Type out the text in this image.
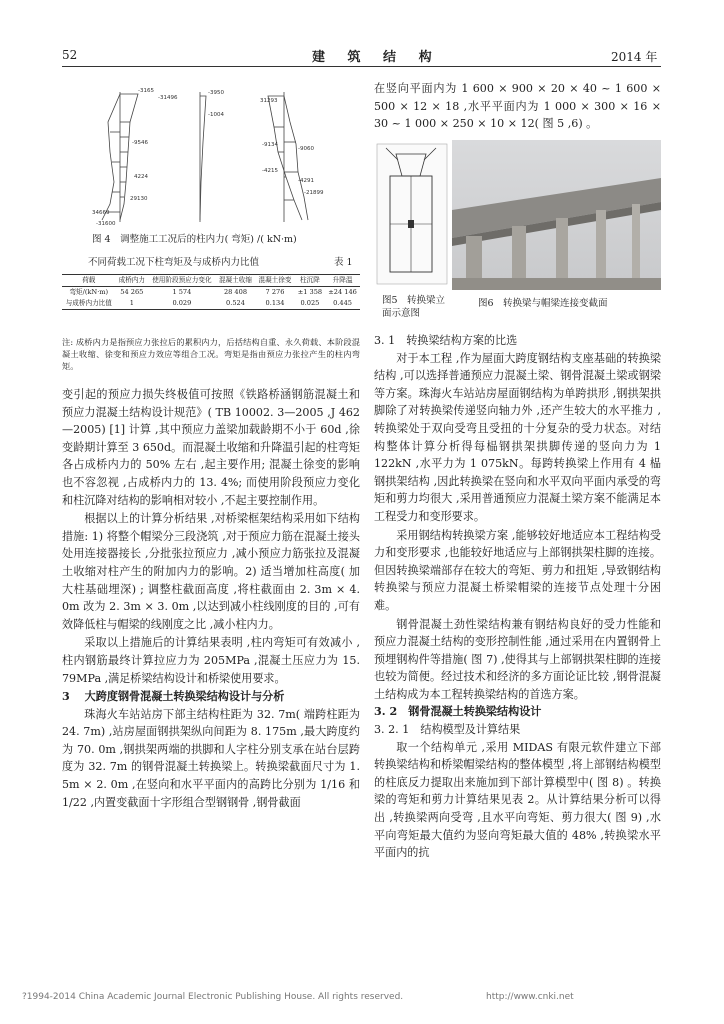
52	建 筑 结 构	2014 年
-3165
-31496
-9546
4224
29130
34669
-31600
-3950
-1004
31293
-9134
-9060
-4215
-21899
-4291
图 4　调整施工工况后的柱内力( 弯矩) /( kN·m)
不同荷载工况下柱弯矩及与成桥内力比值	表 1
荷载	成桥内力	使用阶段预应力变化	混凝土收缩	混凝土徐变	柱沉降	升降温
弯矩/(kN·m)	54 265	1 574	28 408	7 276	±1 358	±24 146
与成桥内力比值	1	0.029	0.524	0.134	0.025	0.445
注: 成桥内力是指预应力张拉后的累积内力，后括结构自重、永久荷载、本阶段混凝土收缩、徐变和预应力效应等组合工况。弯矩是指由预应力张拉产生的柱内弯矩。

变引起的预应力损失终极值可按照《铁路桥涵钢筋混凝土和预应力混凝土结构设计规范》( TB 10002. 3—2005 ,J 462—2005) [1] 计算 ,其中预应力盖梁加载龄期不小于 60d ,徐变龄期计算至 3 650d。而混凝土收缩和升降温引起的柱弯矩各占成桥内力的 50% 左右 ,起主要作用; 混凝土徐变的影响也不容忽视 ,占成桥内力的 13. 4%; 而使用阶段预应力变化和柱沉降对结构的影响相对较小 ,不起主要控制作用。

根据以上的计算分析结果 ,对桥梁框架结构采用如下结构措施: 1) 将整个帽梁分三段浇筑 ,对于预应力筋在混凝土接头处用连接器接长 ,分批张拉预应力 ,减小预应力筋张拉及混凝土收缩对柱产生的附加内力的影响。2) 适当增加柱高度( 加大柱基础埋深) ; 调整柱截面高度 ,将柱截面由 2. 3m × 4. 0m 改为 2. 3m × 3. 0m ,以达到减小柱线刚度的目的 ,可有效降低柱与帽梁的线刚度之比 ,减小柱内力。

采取以上措施后的计算结果表明 ,柱内弯矩可有效减小 ,柱内钢筋最终计算拉应力为 205MPa ,混凝土压应力为 15. 79MPa ,满足桥梁结构设计和桥梁使用要求。

3　 大跨度钢骨混凝土转换梁结构设计与分析

珠海火车站站房下部主结构柱距为 32. 7m( 端跨柱距为 24. 7m) ,站房屋面钢拱架纵向间距为 8. 175m ,最大跨度约为 70. 0m ,钢拱架两端的拱脚和人字柱分别支承在站台层跨度为 32. 7m 的钢骨混凝土转换梁上。转换梁截面尺寸为 1. 5m × 2. 0m ,在竖向和水平平面内的高跨比分别为 1/16 和 1/22 ,内置变截面十字形组合型钢钢骨 ,钢骨截面

在竖向平面内为 1 600 × 900 × 20 × 40 ~ 1 600 × 500 × 12 × 18 ,水平平面内为 1 000 × 300 × 16 × 30 ~ 1 000 × 250 × 10 × 12( 图 5 ,6) 。

图5　转换梁立面示意图
图6　转换梁与帽梁连接变截面

3. 1　转换梁结构方案的比选

对于本工程 ,作为屋面大跨度钢结构支座基础的转换梁结构 ,可以选择普通预应力混凝土梁、钢骨混凝土梁或钢梁等方案。珠海火车站站房屋面钢结构为单跨拱形 ,钢拱架拱脚除了对转换梁传递竖向轴力外 ,还产生较大的水平推力 ,转换梁处于双向受弯且受扭的十分复杂的受力状态。对结构整体计算分析得每榀钢拱架拱脚传递的竖向力为 1 122kN ,水平力为 1 075kN。每跨转换梁上作用有 4 榀钢拱架结构 ,因此转换梁在竖向和水平双向平面内承受的弯矩和剪力均很大 ,采用普通预应力混凝土梁方案不能满足本工程受力和变形要求。

采用钢结构转换梁方案 ,能够较好地适应本工程结构受力和变形要求 ,也能较好地适应与上部钢拱架柱脚的连接。但因转换梁端部存在较大的弯矩、剪力和扭矩 ,导致钢结构转换梁与预应力混凝土桥梁帽梁的连接节点处理十分困难。

钢骨混凝土劲性梁结构兼有钢结构良好的受力性能和预应力混凝土结构的变形控制性能 ,通过采用在内置钢骨上预埋钢构件等措施( 图 7) ,使得其与上部钢拱架柱脚的连接也较为简便。经过技术和经济的多方面论证比较 ,钢骨混凝土结构成为本工程转换梁结构的首选方案。

3. 2　钢骨混凝土转换梁结构设计

3. 2. 1　结构模型及计算结果

取一个结构单元 ,采用 MIDAS 有限元软件建立下部转换梁结构和桥梁帽梁结构的整体模型 ,将上部钢结构模型的柱底反力提取出来施加到下部计算模型中( 图 8) 。转换梁的弯矩和剪力计算结果见表 2。从计算结果分析可以得出 ,转换梁两向受弯 ,且水平向弯矩、剪力很大( 图 9) ,水平向弯矩最大值约为竖向弯矩最大值的 48% ,转换梁水平平面内的抗

?1994-2014 China Academic Journal Electronic Publishing House. All rights reserved.	http://www.cnki.net
